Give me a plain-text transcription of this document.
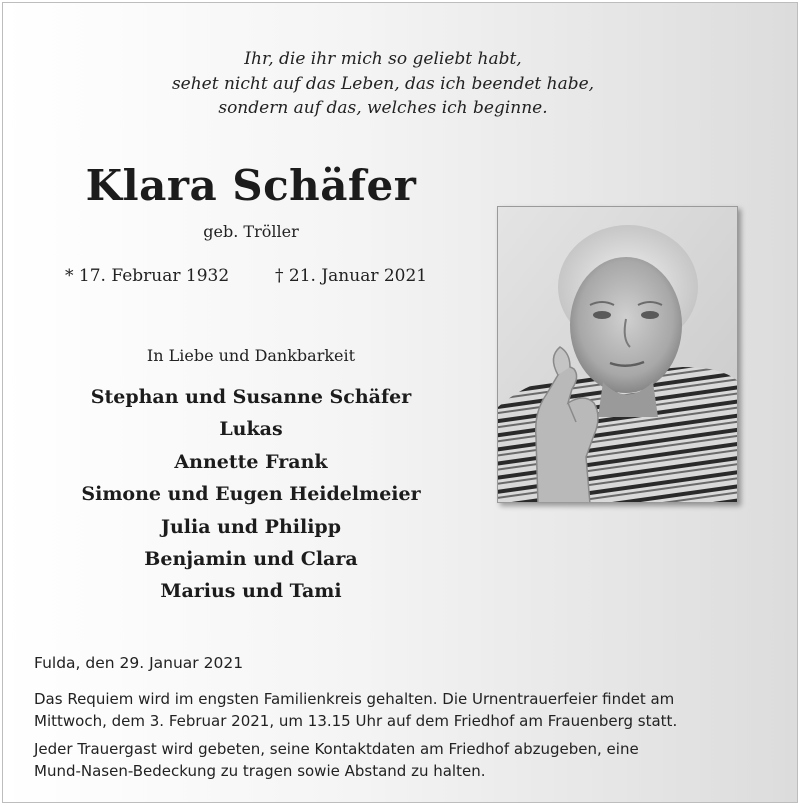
Ihr, die ihr mich so geliebt habt,
sehet nicht auf das Leben, das ich beendet habe,
sondern auf das, welches ich beginne.
Klara Schäfer
geb. Tröller
* 17. Februar 1932	† 21. Januar 2021
In Liebe und Dankbarkeit
Stephan und Susanne Schäfer
Lukas
Annette Frank
Simone und Eugen Heidelmeier
Julia und Philipp
Benjamin und Clara
Marius und Tami
Fulda, den 29. Januar 2021
Das Requiem wird im engsten Familienkreis gehalten. Die Urnentrauerfeier findet am
Mittwoch, dem 3. Februar 2021, um 13.15 Uhr auf dem Friedhof am Frauenberg statt.
Jeder Trauergast wird gebeten, seine Kontaktdaten am Friedhof abzugeben, eine
Mund-Nasen-Bedeckung zu tragen sowie Abstand zu halten.
